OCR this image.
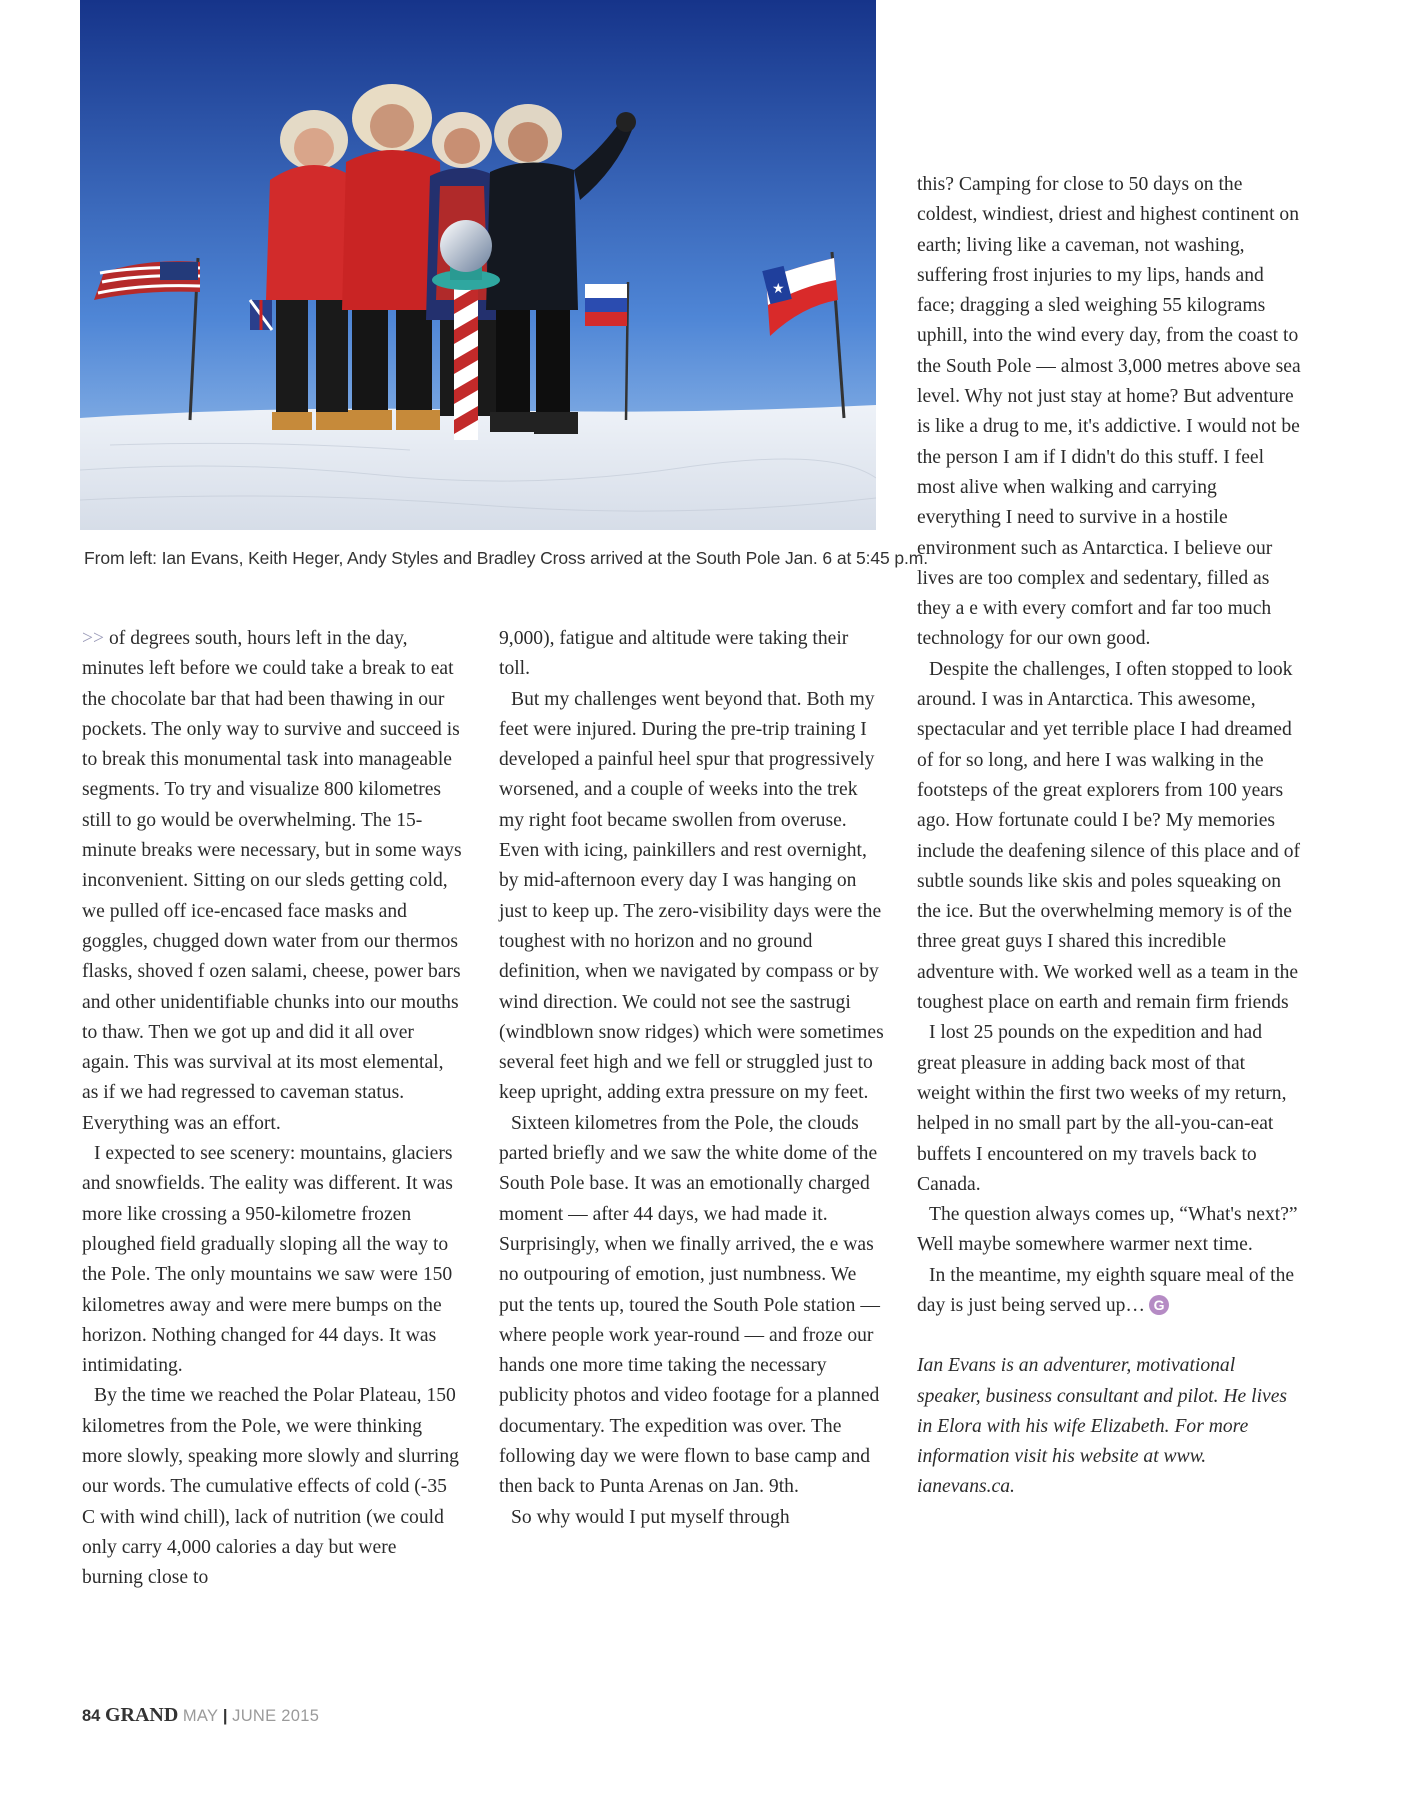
★
From left: Ian Evans, Keith Heger, Andy Styles and Bradley Cross arrived at the South Pole Jan. 6 at 5:45 p.m.

>> of degrees south, hours left in the day, minutes left before we could take a break to eat the chocolate bar that had been thawing in our pockets. The only way to survive and succeed is to break this monumental task into manageable segments. To try and visualize 800 kilometres still to go would be overwhelming. The 15-minute breaks were necessary, but in some ways inconvenient. Sitting on our sleds getting cold, we pulled off ice-encased face masks and goggles, chugged down water from our thermos flasks, shoved f ozen salami, cheese, power bars and other unidentifiable chunks into our mouths to thaw. Then we got up and did it all over again. This was survival at its most elemental, as if we had regressed to caveman status. Everything was an effort.

I expected to see scenery: mountains, glaciers and snowfields. The eality was different. It was more like crossing a 950-kilometre frozen ploughed field gradually sloping all the way to the Pole. The only mountains we saw were 150 kilometres away and were mere bumps on the horizon. Nothing changed for 44 days. It was intimidating.

By the time we reached the Polar Plateau, 150 kilometres from the Pole, we were thinking more slowly, speaking more slowly and slurring our words. The cumulative effects of cold (-35 C with wind chill), lack of nutrition (we could only carry 4,000 calories a day but were burning close to

9,000), fatigue and altitude were taking their toll.

But my challenges went beyond that. Both my feet were injured. During the pre-trip training I developed a painful heel spur that progressively worsened, and a couple of weeks into the trek my right foot became swollen from overuse. Even with icing, painkillers and rest overnight, by mid-afternoon every day I was hanging on just to keep up. The zero-visibility days were the toughest with no horizon and no ground definition, when we navigated by compass or by wind direction. We could not see the sastrugi (windblown snow ridges) which were sometimes several feet high and we fell or struggled just to keep upright, adding extra pressure on my feet.

Sixteen kilometres from the Pole, the clouds parted briefly and we saw the white dome of the South Pole base. It was an emotionally charged moment — after 44 days, we had made it. Surprisingly, when we finally arrived, the e was no outpouring of emotion, just numbness. We put the tents up, toured the South Pole station — where people work year-round — and froze our hands one more time taking the necessary publicity photos and video footage for a planned documentary. The expedition was over. The following day we were flown to base camp and then back to Punta Arenas on Jan. 9th.

So why would I put myself through

this? Camping for close to 50 days on the coldest, windiest, driest and highest continent on earth; living like a caveman, not washing, suffering frost injuries to my lips, hands and face; dragging a sled weighing 55 kilograms uphill, into the wind every day, from the coast to the South Pole — almost 3,000 metres above sea level. Why not just stay at home? But adventure is like a drug to me, it's addictive. I would not be the person I am if I didn't do this stuff. I feel most alive when walking and carrying everything I need to survive in a hostile environment such as Antarctica. I believe our lives are too complex and sedentary, filled as they a e with every comfort and far too much technology for our own good.

Despite the challenges, I often stopped to look around. I was in Antarctica. This awesome, spectacular and yet terrible place I had dreamed of for so long, and here I was walking in the footsteps of the great explorers from 100 years ago. How fortunate could I be? My memories include the deafening silence of this place and of subtle sounds like skis and poles squeaking on the ice. But the overwhelming memory is of the three great guys I shared this incredible adventure with. We worked well as a team in the toughest place on earth and remain firm friends

I lost 25 pounds on the expedition and had great pleasure in adding back most of that weight within the first two weeks of my return, helped in no small part by the all-you-can-eat buffets I encountered on my travels back to Canada.

The question always comes up, “What's next?” Well maybe somewhere warmer next time.

In the meantime, my eighth square meal of the day is just being served up… G

Ian Evans is an adventurer, motivational speaker, business consultant and pilot. He lives in Elora with his wife Elizabeth. For more information visit his website at www. ianevans.ca.

84 GRAND MAY | JUNE 2015
